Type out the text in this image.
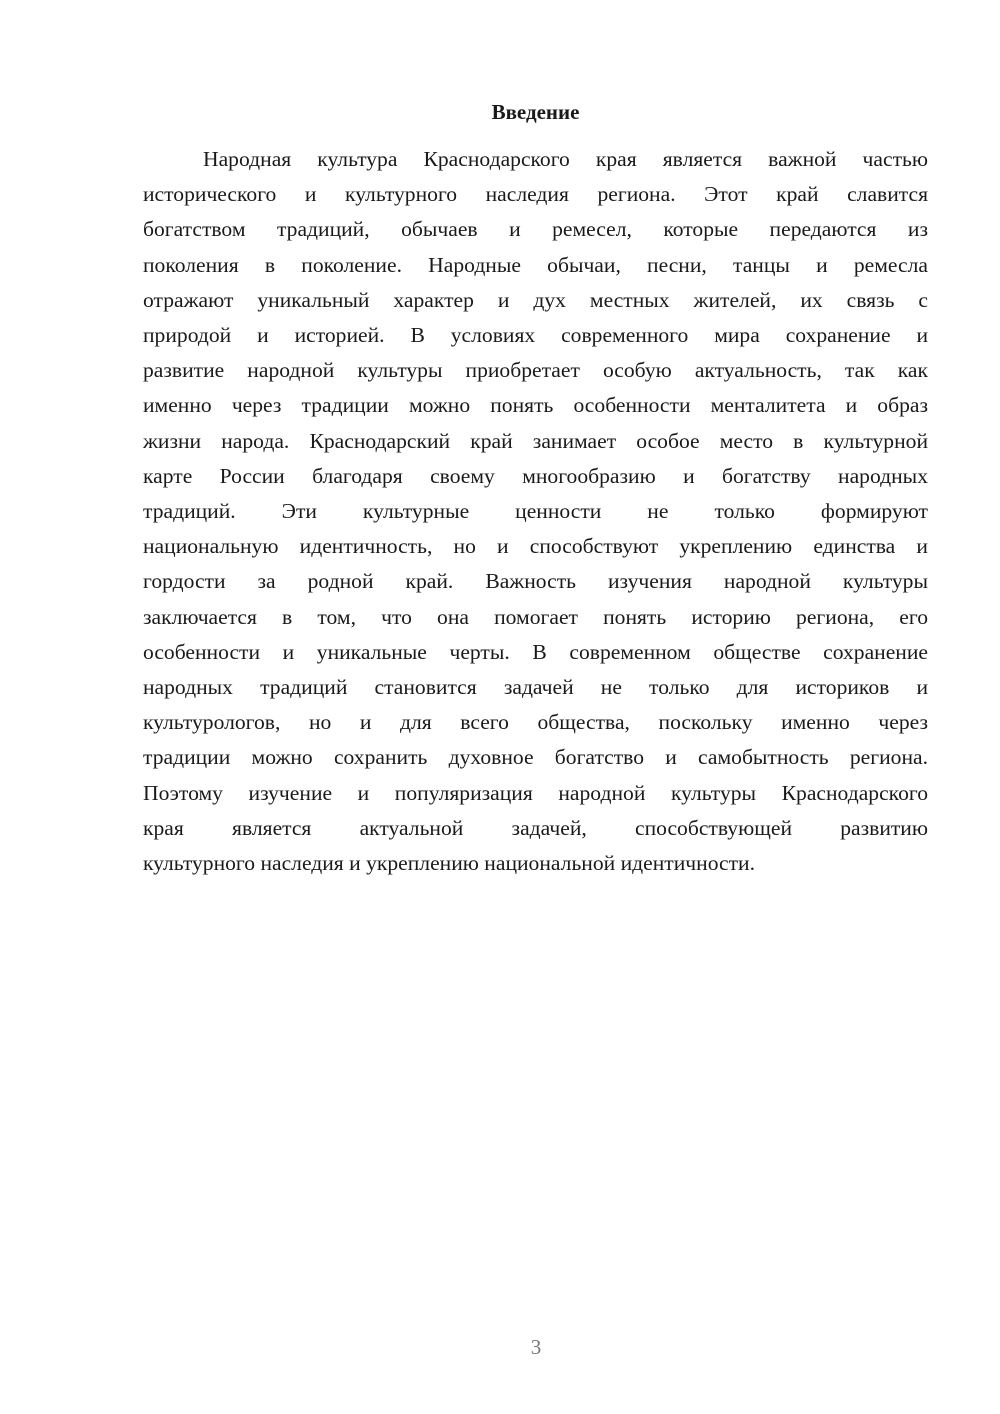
Введение
Народная культура Краснодарского края является важной частью
исторического и культурного наследия региона. Этот край славится
богатством традиций, обычаев и ремесел, которые передаются из
поколения в поколение. Народные обычаи, песни, танцы и ремесла
отражают уникальный характер и дух местных жителей, их связь с
природой и историей. В условиях современного мира сохранение и
развитие народной культуры приобретает особую актуальность, так как
именно через традиции можно понять особенности менталитета и образ
жизни народа. Краснодарский край занимает особое место в культурной
карте России благодаря своему многообразию и богатству народных
традиций. Эти культурные ценности не только формируют
национальную идентичность, но и способствуют укреплению единства и
гордости за родной край. Важность изучения народной культуры
заключается в том, что она помогает понять историю региона, его
особенности и уникальные черты. В современном обществе сохранение
народных традиций становится задачей не только для историков и
культурологов, но и для всего общества, поскольку именно через
традиции можно сохранить духовное богатство и самобытность региона.
Поэтому изучение и популяризация народной культуры Краснодарского
края является актуальной задачей, способствующей развитию
культурного наследия и укреплению национальной идентичности.
3
